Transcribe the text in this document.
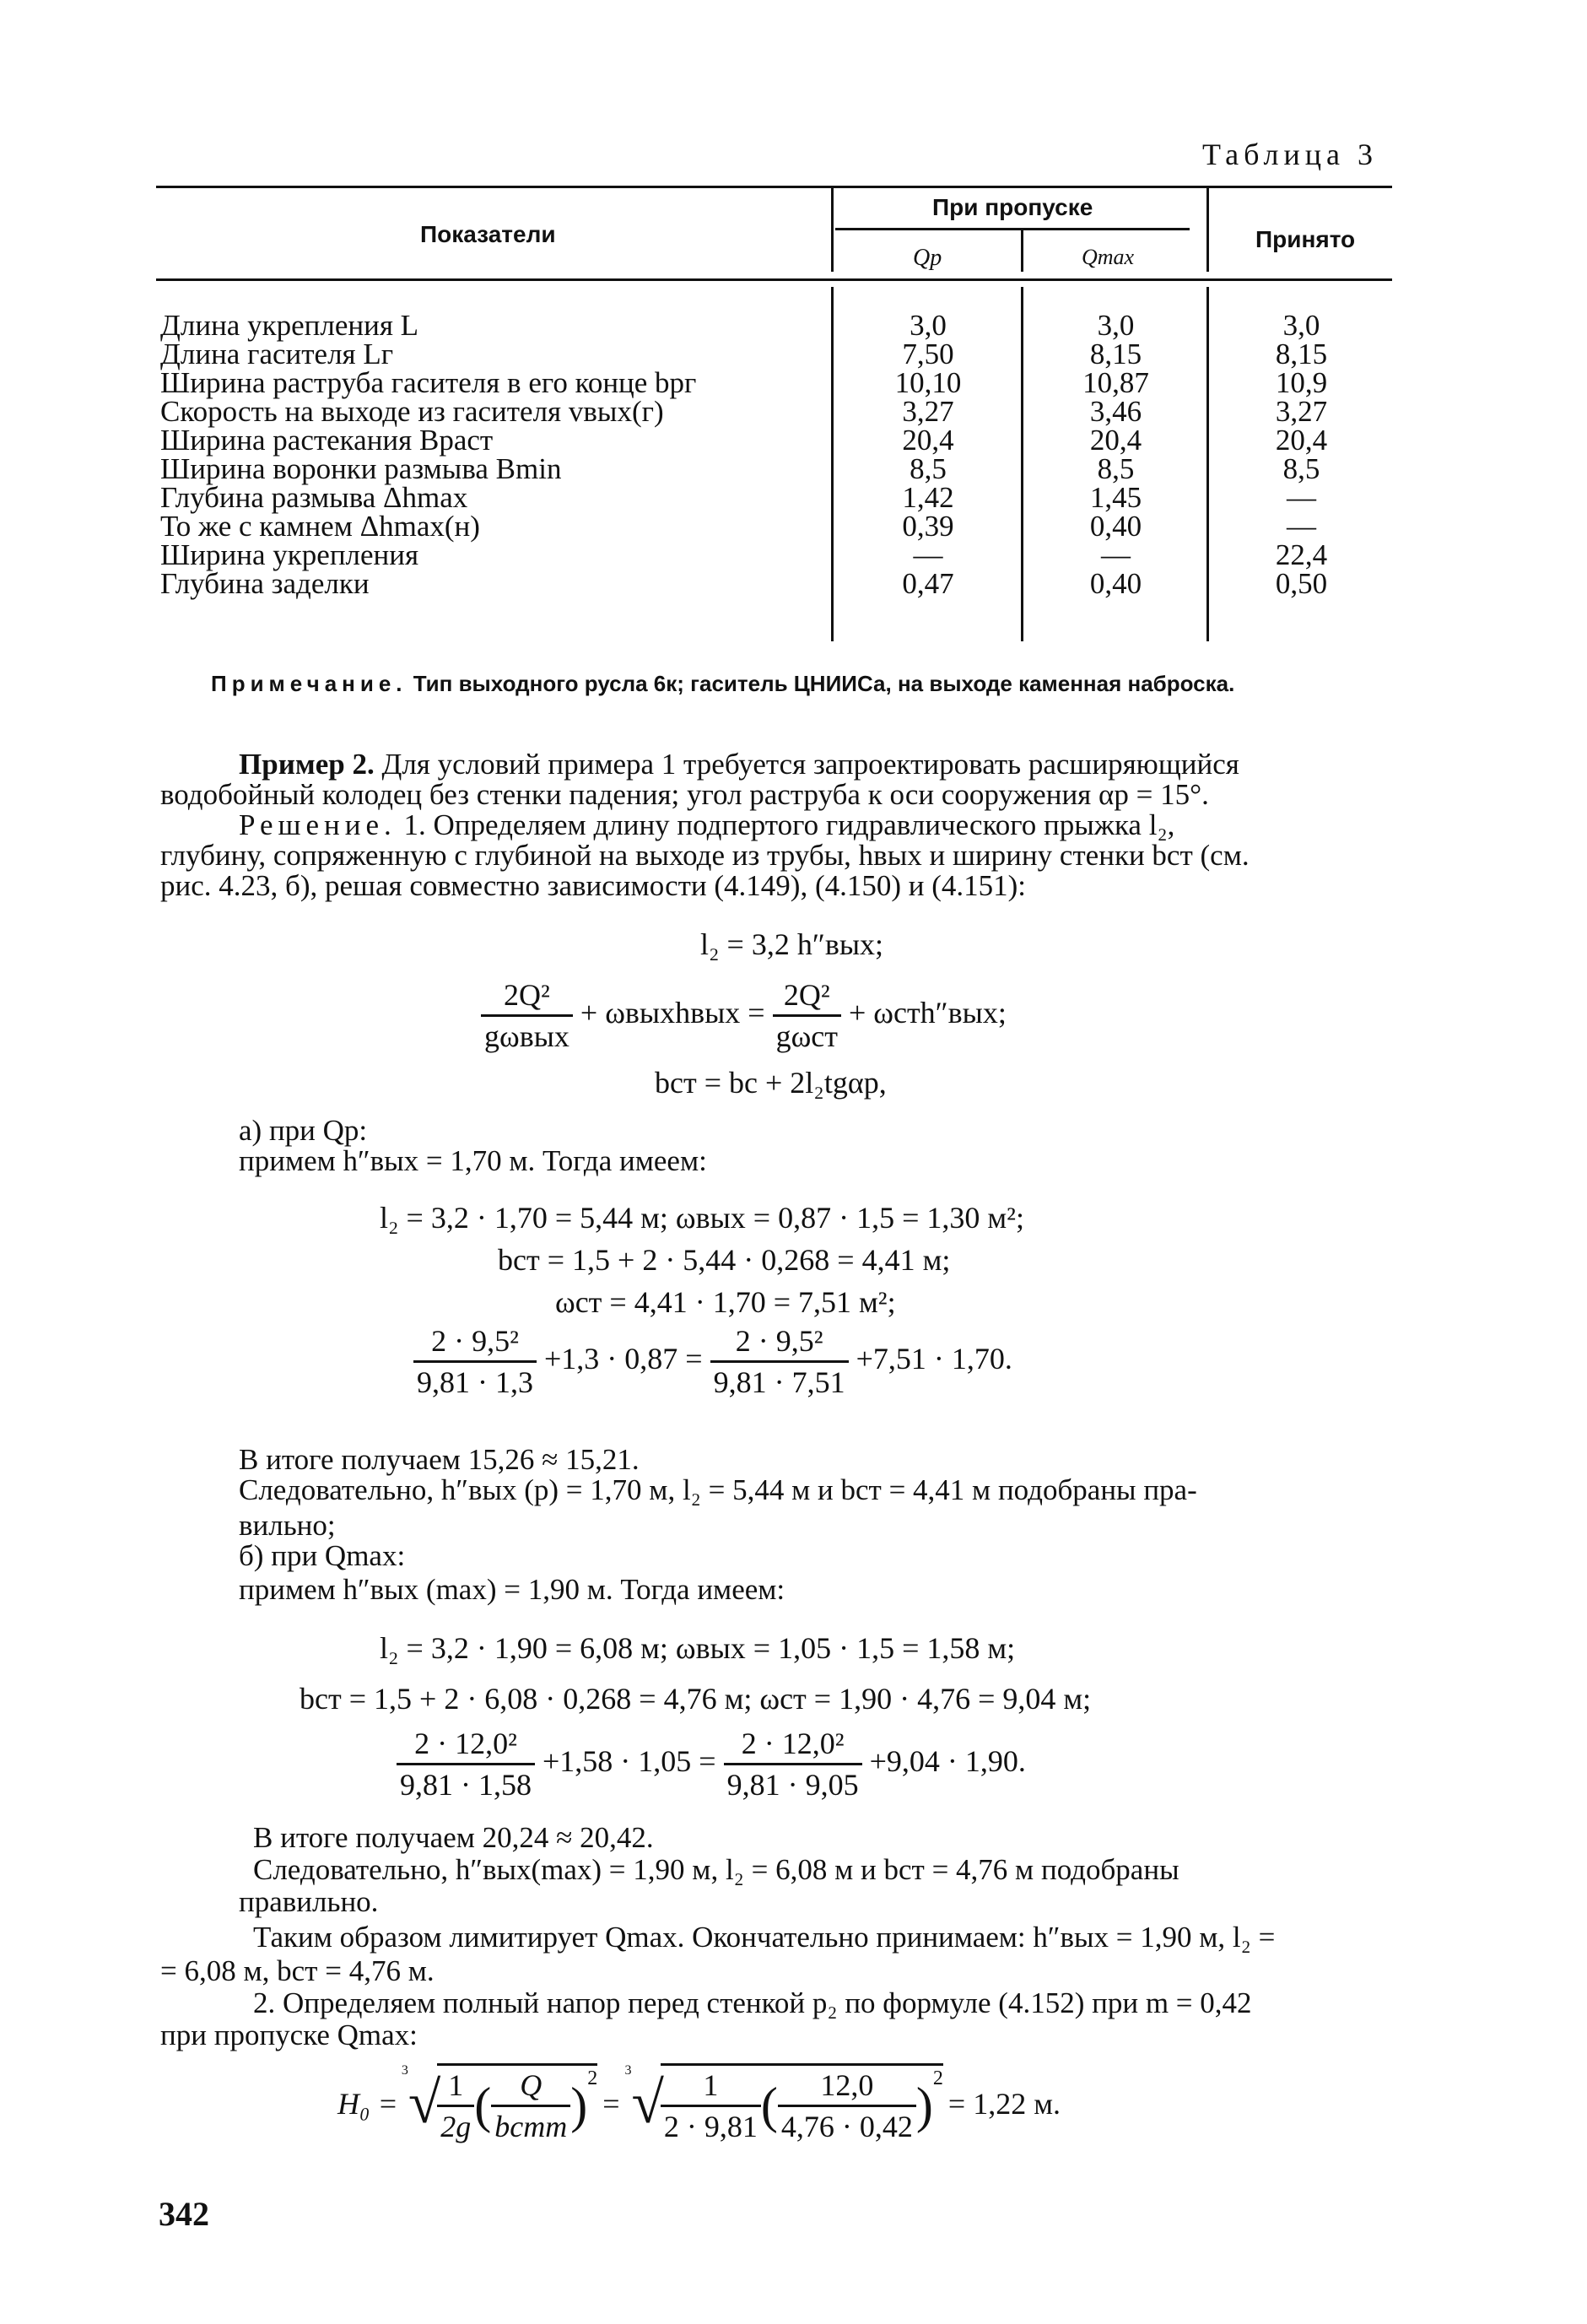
Таблица 3
Показатели
При пропуске
Qр	Qmax
Принято
Длина укрепления L	3,0	3,0	3,0
Длина гасителя Lг	7,50	8,15	8,15
Ширина раструба гасителя в его конце bрг	10,10	10,87	10,9
Скорость на выходе из гасителя vвых(г)	3,27	3,46	3,27
Ширина растекания Bраст	20,4	20,4	20,4
Ширина воронки размыва Bmin	8,5	8,5	8,5
Глубина размыва Δhmax	1,42	1,45	—
То же с камнем Δhmax(н)	0,39	0,40	—
Ширина укрепления	—	—	22,4
Глубина заделки	0,47	0,40	0,50
Примечание. Тип выходного русла 6к; гаситель ЦНИИСа, на выходе каменная наброска.
Пример 2. Для условий примера 1 требуется запроектировать расширяющийся
водобойный колодец без стенки падения; угол раструба к оси сооружения αр = 15°.
Решение. 1. Определяем длину подпертого гидравлического прыжка l₂,
глубину, сопряженную с глубиной на выходе из трубы, hвых и ширину стенки bст (см.
рис. 4.23, б), решая совместно зависимости (4.149), (4.150) и (4.151):
l₂ = 3,2 h″вых;
$\frac{\text{2Q²}}{\text{gωвых}}$ + ωвыхhвых = $\frac{\text{2Q²}}{\text{gωст}} + \omega стh''вых$;
bст = bс + 2l₂tgαр,
а) при Qр:
примем h″вых = 1,70 м. Тогда имеем:
l₂ = 3,2 · 1,70 = 5,44 м; ωвых = 0,87 · 1,5 = 1,30 м²;
bст = 1,5 + 2 · 5,44 · 0,268 = 4,41 м;
ωст = 4,41 · 1,70 = 7,51 м²;
$\frac{\text{2 · 9,5²}}{9,81 \cdot 1,3} +1,3 \cdot 0,87 = \frac{\text{2 · 9,5²}}{9,81 \cdot 7,51} +7,51 \cdot 1,70$.
В итоге получаем 15,26 ≈ 15,21.
Следовательно, h″вых (р) = 1,70 м, l₂ = 5,44 м и bст = 4,41 м подобраны пра-
вильно;
б) при Qmax:
примем h″вых (max) = 1,90 м. Тогда имеем:
l₂ = 3,2 · 1,90 = 6,08 м; ωвых = 1,05 · 1,5 = 1,58 м;
bст = 1,5 + 2 · 6,08 · 0,268 = 4,76 м; ωст = 1,90 · 4,76 = 9,04 м;
$\frac{\text{2 · 12,0²}}{9,81 \cdot 1,58} +1,58 \cdot 1,05 = \frac{\text{2 · 12,0²}}{9,81 \cdot 9,05} +9,04 \cdot 1,90$.
В итоге получаем 20,24 ≈ 20,42.
Следовательно, h″вых(max) = 1,90 м, l₂ = 6,08 м и bст = 4,76 м подобраны
правильно.
Таким образом лимитирует Qmax. Окончательно принимаем: h″вых = 1,90 м, l₂ =
= 6,08 м, bст = 4,76 м.
2. Определяем полный напор перед стенкой p₂ по формуле (4.152) при m = 0,42
при пропуске Qmax:
H₀ =
3
√
$\frac{1}{2g}$ ( $\frac{Q}{\text{bстm}}$ ) 2
=
3
√
$\frac{1}{2 \cdot 9,81}$ ( $\frac{12,0}{4,76 \cdot 0,42}$ ) 2
= 1,22 м.
342
